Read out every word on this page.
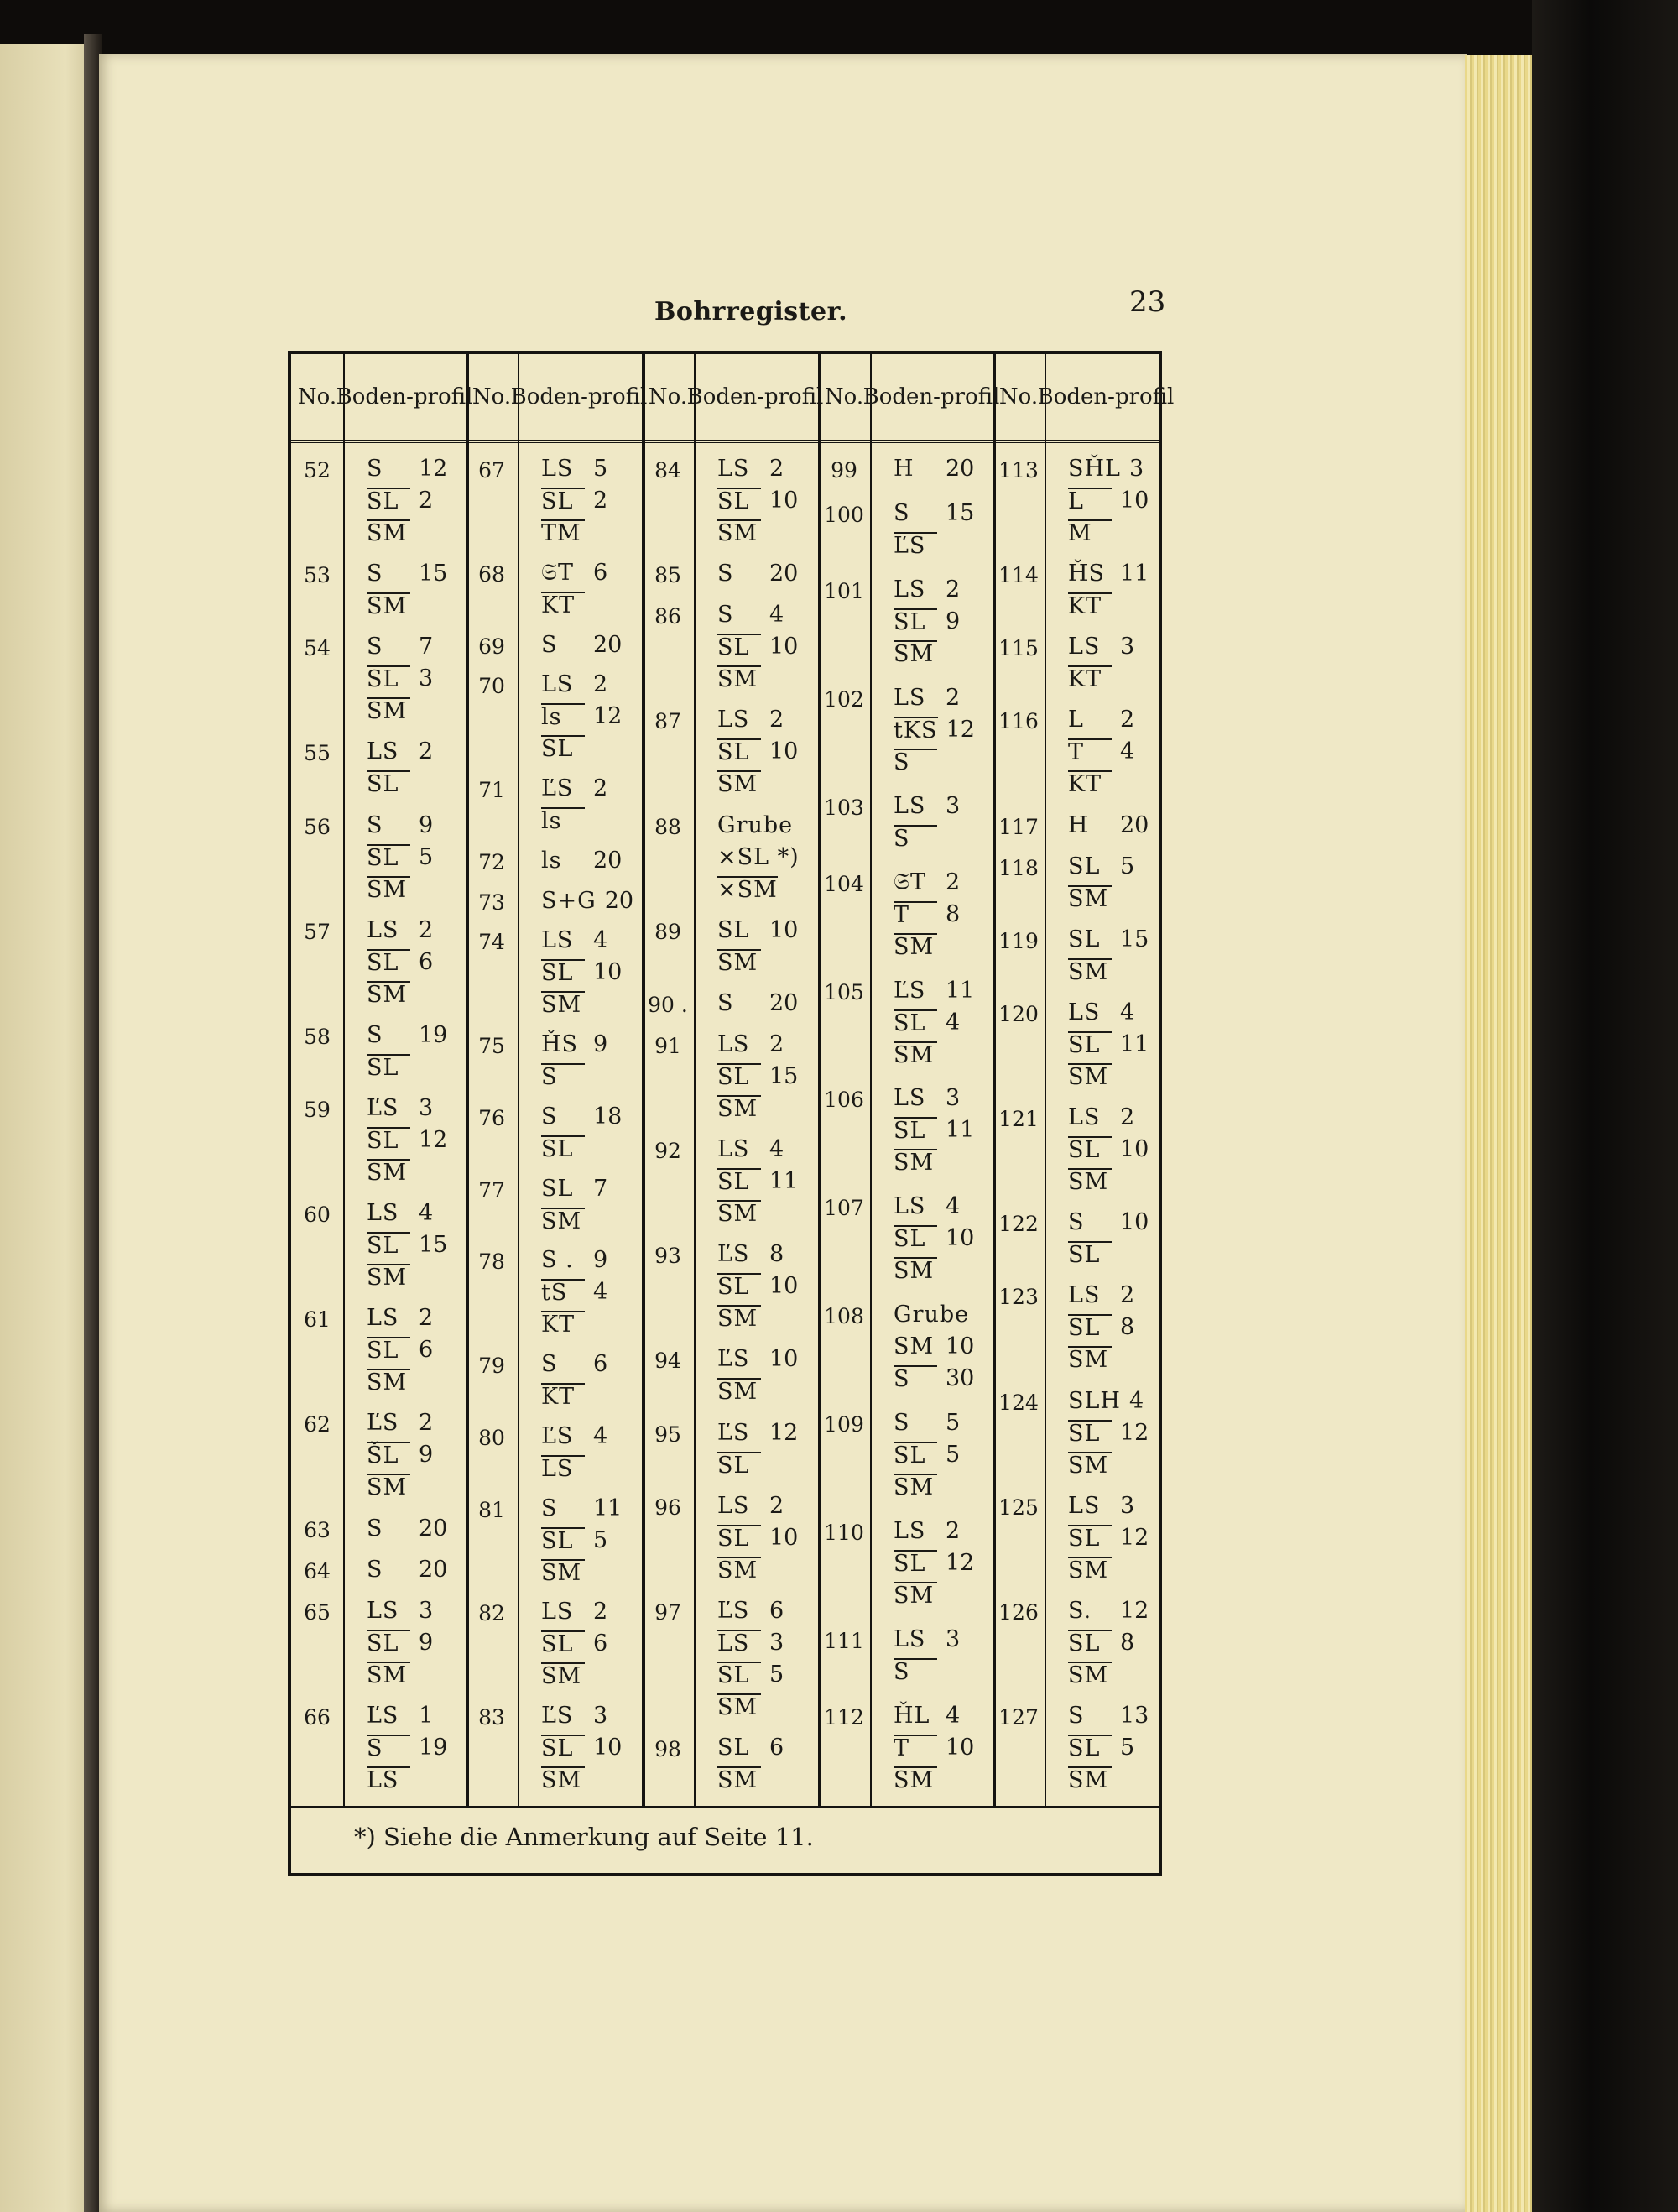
Bohrregister.	23
*) Siehe die Anmerkung auf Seite 11.
No. Boden- profil
52	S	12
SL 2
SM
53	S	15
SM
54	S	7
SL 3
SM
55	LS 2
SL
56	S	9
SL 5
SM
57	LS 2
SL 6
SM
58	S	19
SL
59	ĽS 3
SL 12
SM
60	LS 4
SL 15
SM
61	LS 2
SL 6
SM
62	ĽS 2
ŠL 9
SM
63	S	20
64	S	20
65	LS 3
SL 9
SM
66	ĽS 1
S	19
LS
No. Boden- profil
67	LS 5
SL 2
TM
68	𝔖T 6
KT
69	S	20
70	LS 2
ls	12
SL
71	ĽS 2
ls
72	ls	20
73	S+G 20
74	LS 4
SL 10
SM
75	ȞS 9
S
76	S	18
SL
77	SL 7
SM
78	S . 9
tS	4
KT
79	S	6
KT
80	ĽS 4
LS
81	S	11
SL 5
SM
82	LS 2
SL 6
SM
83	ĽS 3
SL 10
SM
No. Boden- profil
84	LS 2
SL 10
SM
85	S	20
86	S	4
SL 10
SM
87	LS 2
SL 10
SM
88	Grube
×SL *)
×SM
89	SL 10
SM
90 . S	20
91	LS 2
SL 15
SM
92	LS 4
SL 11
SM
93	ĽS 8
SL 10
SM
94	ĽS 10
SM
95	ĽS 12
SL
96	LS 2
SL 10
SM
97	ĽS 6
LS 3
SL 5
SM
98	SL 6
SM
No. Boden- profil
99	H	20
100 S	15
ĽS
101 LS 2
SL 9
SM
102 LS 2
tKS 12
S
103 LS 3
S
104 𝔖T 2
T	8
SM
105 ĽS 11
SL 4
SM
106 LS 3
SL 11
SM
107 LS 4
SL 10
SM
108 Grube
SM 10
S	30
109 S	5
SL 5
SM
110 LS 2
SL 12
SM
111 LS 3
S
112 ȞL 4
T	10
SM
No. Boden- profil
113 SȞL 3
L	10
M
114 ȞS 11
KT
115 LS 3
KT
116 L	2
T	4
KT
117 H	20
118 SL 5
SM
119 SL 15
SM
120 LS 4
SL 11
SM
121 LS 2
SL 10
SM
122 S	10
SL
123 LS 2
SL 8
SM
124 SLH 4
SL 12
SM
125 LS 3
SL 12
SM
126 S.	12
SL 8
SM
127 S	13
SL 5
SM
